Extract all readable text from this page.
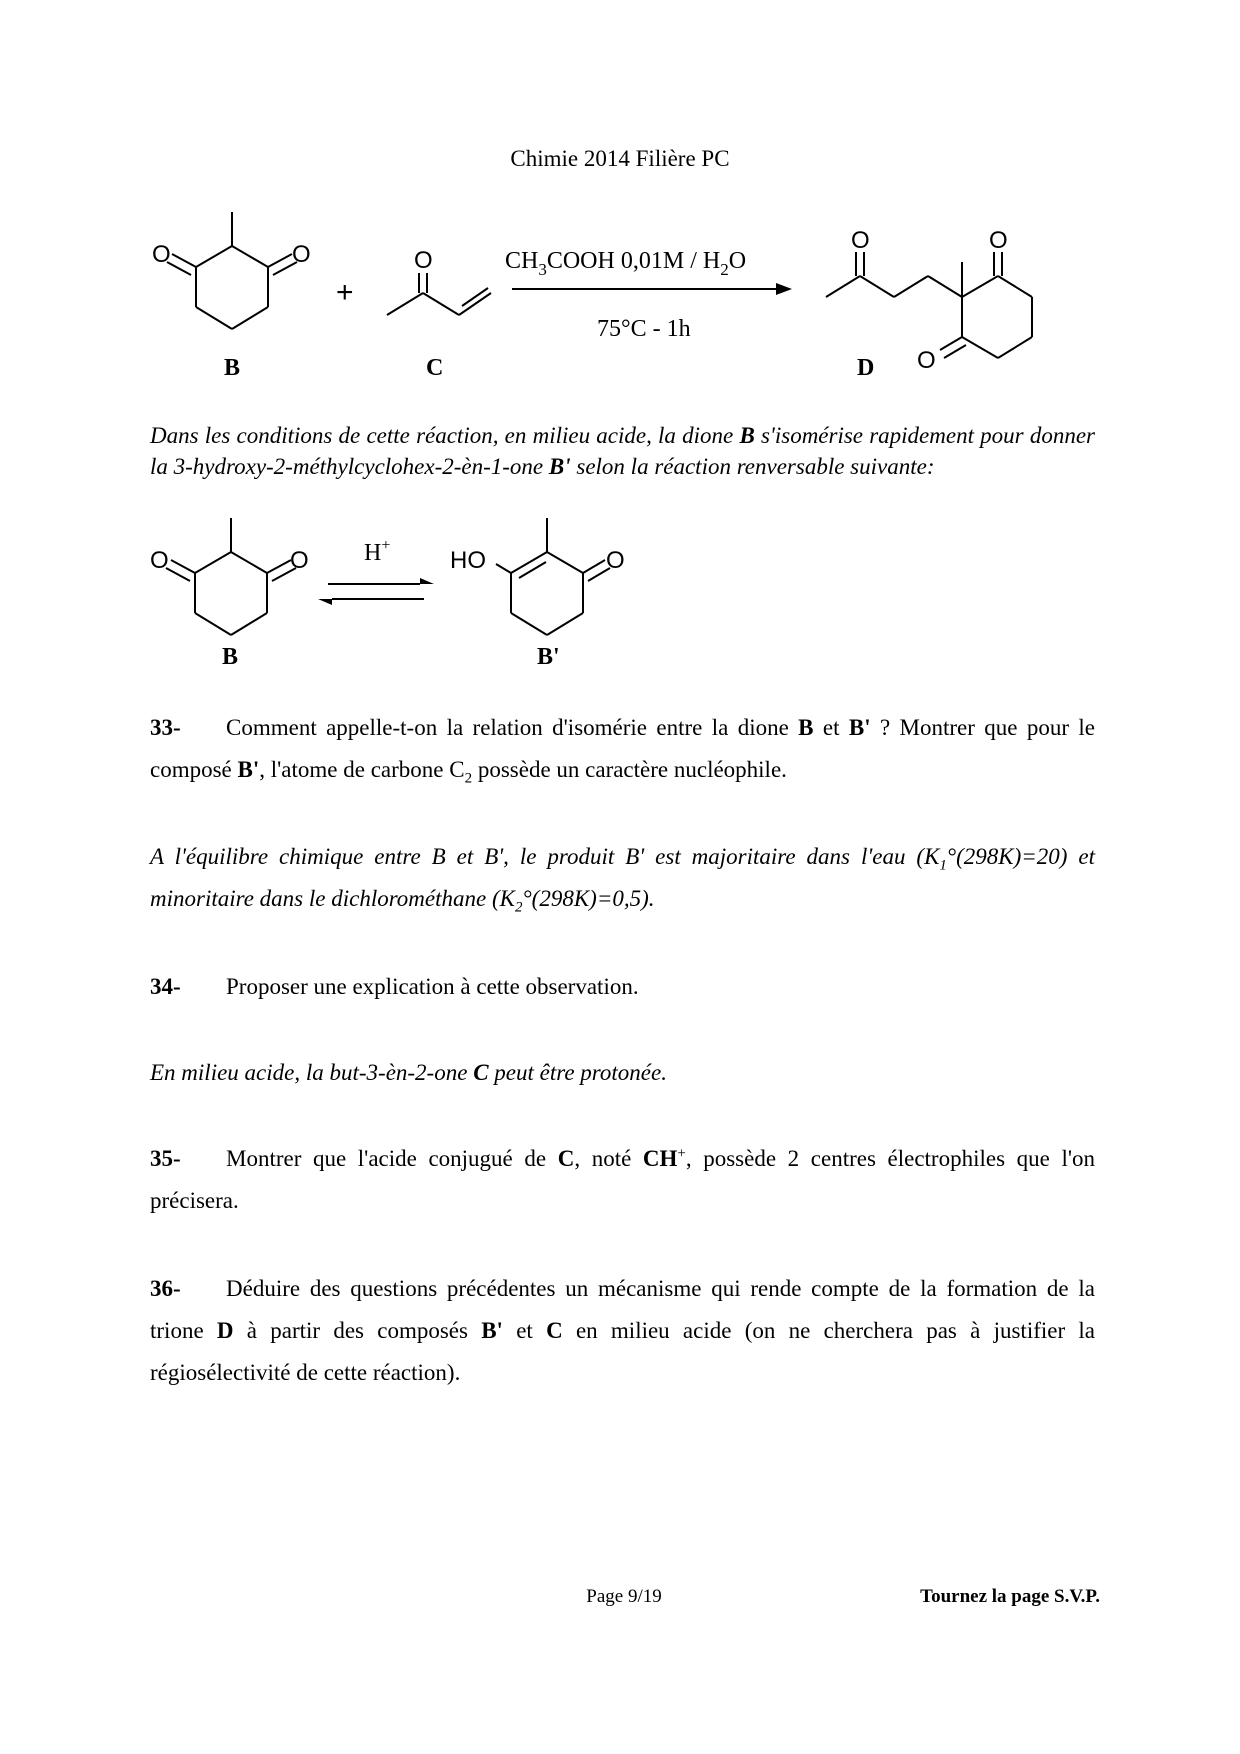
Chimie 2014 Filière PC
O	O
+
O	$CH_3COOH$ $0,01M / H_2O$
75°C - 1h
O	O
O
B	C	D
O	O H+
HO	O
B	B'
Dans les conditions de cette réaction, en milieu acide, la dione B s'isomérise rapidement pour donner la 3-hydroxy-2-méthylcyclohex-2-èn-1-one B' selon la réaction renversable suivante:
33- Comment appelle-t-on la relation d'isomérie entre la dione B et B' ? Montrer que pour le composé B', l'atome de carbone $C_2$ possède un caractère nucléophile.
A l'équilibre chimique entre B et B', le produit B' est majoritaire dans l'eau $(K_1^\circ(298K)=20)$ et minoritaire dans le dichlorométhane $(K_2^\circ(298K)=0,5)$.
34- Proposer une explication à cette observation.
En milieu acide, la but-3-èn-2-one C peut être protonée.
35- Montrer que l'acide conjugué de C, noté CH+, possède 2 centres électrophiles que l'on précisera.
36- Déduire des questions précédentes un mécanisme qui rende compte de la formation de la trione D à partir des composés B' et C en milieu acide (on ne cherchera pas à justifier la régiosélectivité de cette réaction).
Page 9/19	Tournez la page S.V.P.
